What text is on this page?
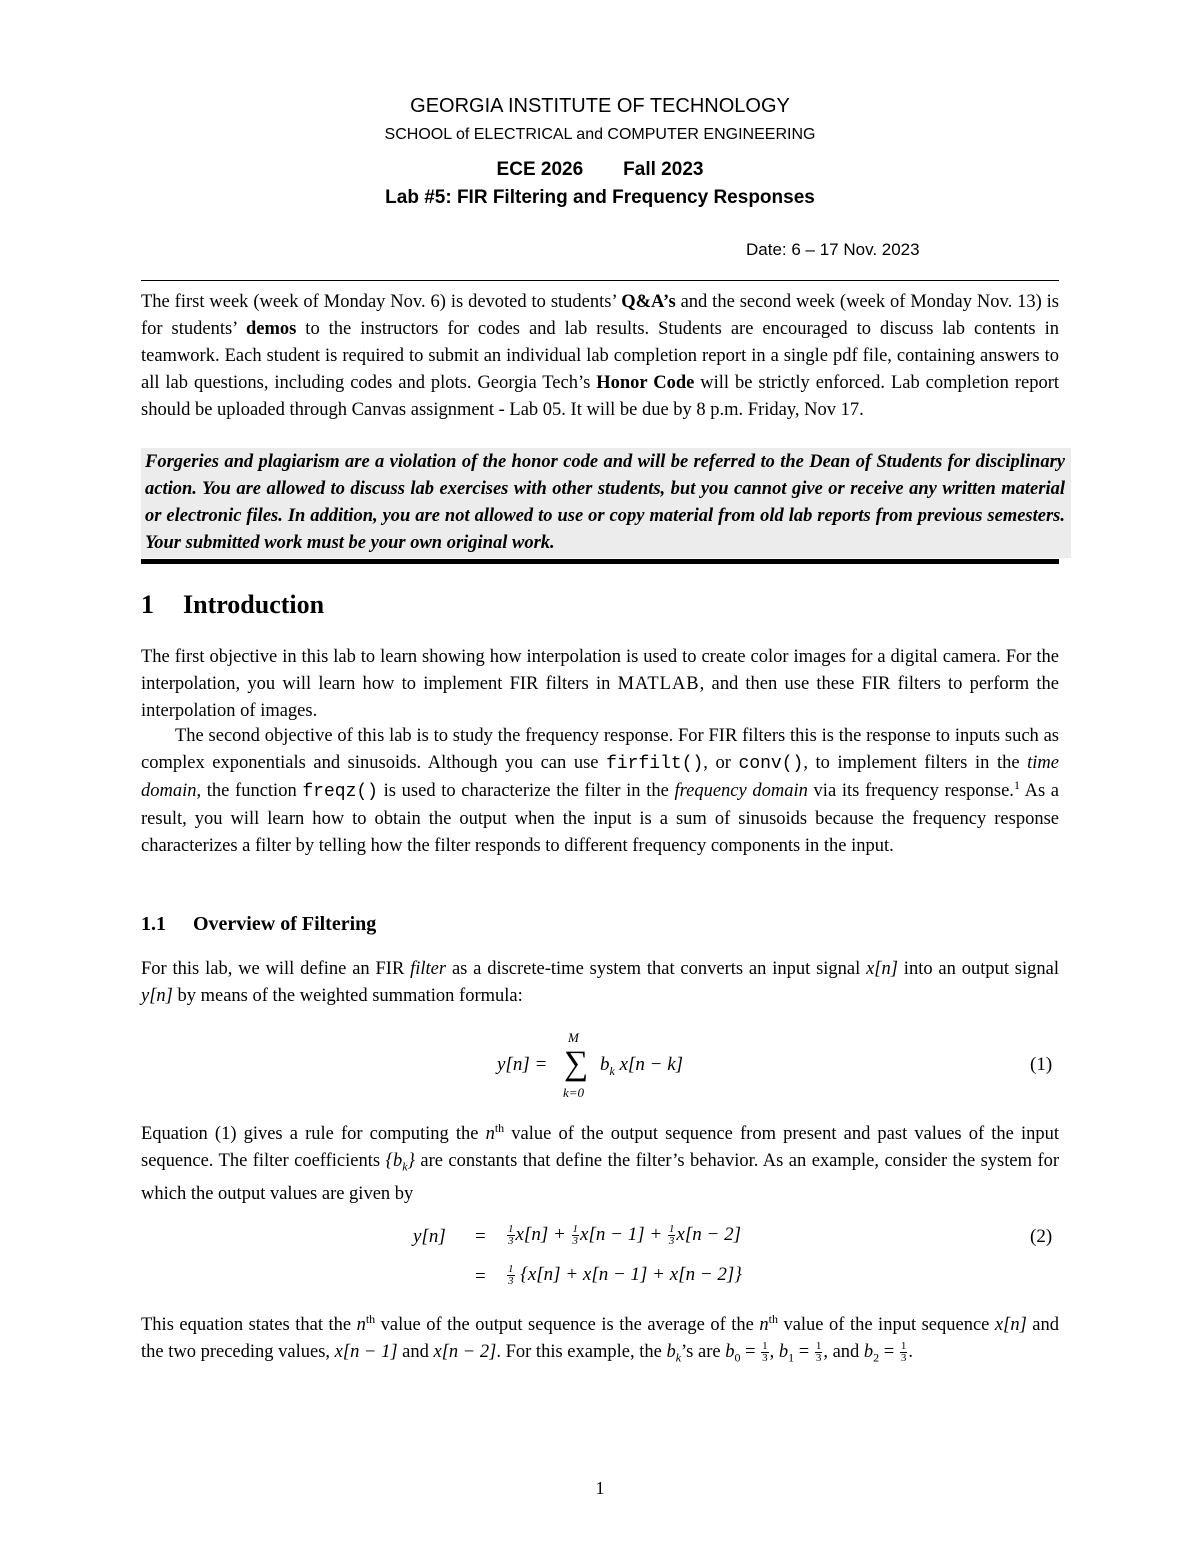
GEORGIA INSTITUTE OF TECHNOLOGY
SCHOOL of ELECTRICAL and COMPUTER ENGINEERING
ECE 2026 Fall 2023
Lab #5: FIR Filtering and Frequency Responses
Date: 6 – 17 Nov. 2023
The first week (week of Monday Nov. 6) is devoted to students’ Q&A’s and the second week (week of Monday Nov. 13) is for students’ demos to the instructors for codes and lab results. Students are encouraged to discuss lab contents in teamwork. Each student is required to submit an individual lab completion report in a single pdf file, containing answers to all lab questions, including codes and plots. Georgia Tech’s Honor Code will be strictly enforced. Lab completion report should be uploaded through Canvas assignment - Lab 05. It will be due by 8 p.m. Friday, Nov 17.
Forgeries and plagiarism are a violation of the honor code and will be referred to the Dean of Students for disciplinary action. You are allowed to discuss lab exercises with other students, but you cannot give or receive any written material or electronic files. In addition, you are not allowed to use or copy material from old lab reports from previous semesters. Your submitted work must be your own original work.
1 Introduction
The first objective in this lab to learn showing how interpolation is used to create color images for a digital camera. For the interpolation, you will learn how to implement FIR filters in MATLAB, and then use these FIR filters to perform the interpolation of images.
The second objective of this lab is to study the frequency response. For FIR filters this is the response to inputs such as complex exponentials and sinusoids. Although you can use firfilt(), or conv(), to implement filters in the time domain, the function freqz() is used to characterize the filter in the frequency domain via its frequency response.$^1$ As a result, you will learn how to obtain the output when the input is a sum of sinusoids because the frequency response characterizes a filter by telling how the filter responds to different frequency components in the input.
1.1 Overview of Filtering
For this lab, we will define an FIR filter as a discrete-time system that converts an input signal x[n] into an output signal y[n] by means of the weighted summation formula:
y[n] =
M
∑
k=0
$b_k$ x[n − k]	(1)
Equation (1) gives a rule for computing the $n^{th}$ value of the output sequence from present and past values of the input sequence. The filter coefficients $\{b_k\}$ are constants that define the filter’s behavior. As an example, consider the system for which the output values are given by
$y[n] = \frac{1}{3} x[n] + \frac{1}{3} x[n - 1] + \frac{1}{3} x[n - 2]$	(2)
= $\frac{1}{3} \{x[n] + x[n - 1] + x[n - 2]\}$
This equation states that the $n^{th}$ value of the output sequence is the average of the $n^{th}$ value of the input sequence x[n] and the two preceding values, x[n − 1] and x[n − 2]. For this example, the $b_k’s$ are $b_0 = \frac{1}{3}$ , $b_1 = \frac{1}{3}$ , and $b_2 = \frac{1}{3}$ .
1
